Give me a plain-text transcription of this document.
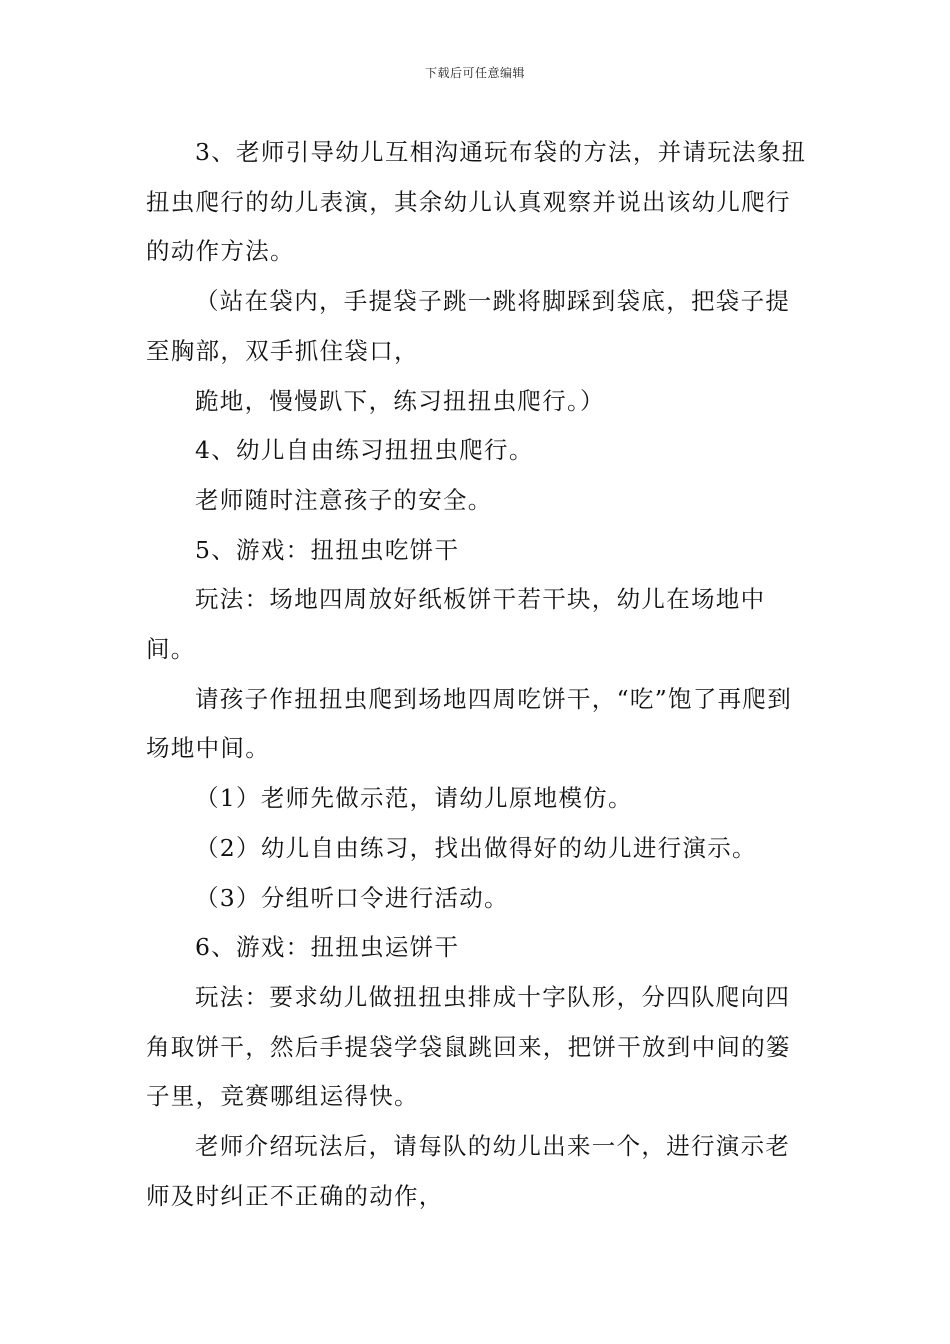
下载后可任意编辑

3、老师引导幼儿互相沟通玩布袋的方法，并请玩法象扭扭虫爬行的幼儿表演，其余幼儿认真观察并说出该幼儿爬行的动作方法。

（站在袋内，手提袋子跳一跳将脚踩到袋底，把袋子提至胸部，双手抓住袋口，

跪地，慢慢趴下，练习扭扭虫爬行。）

4、幼儿自由练习扭扭虫爬行。

老师随时注意孩子的安全。

5、游戏：扭扭虫吃饼干

玩法：场地四周放好纸板饼干若干块，幼儿在场地中间。

请孩子作扭扭虫爬到场地四周吃饼干，“吃”饱了再爬到场地中间。

（1）老师先做示范，请幼儿原地模仿。

（2）幼儿自由练习，找出做得好的幼儿进行演示。

（3）分组听口令进行活动。

6、游戏：扭扭虫运饼干

玩法：要求幼儿做扭扭虫排成十字队形，分四队爬向四角取饼干，然后手提袋学袋鼠跳回来，把饼干放到中间的篓子里，竞赛哪组运得快。

老师介绍玩法后，请每队的幼儿出来一个，进行演示老师及时纠正不正确的动作，
